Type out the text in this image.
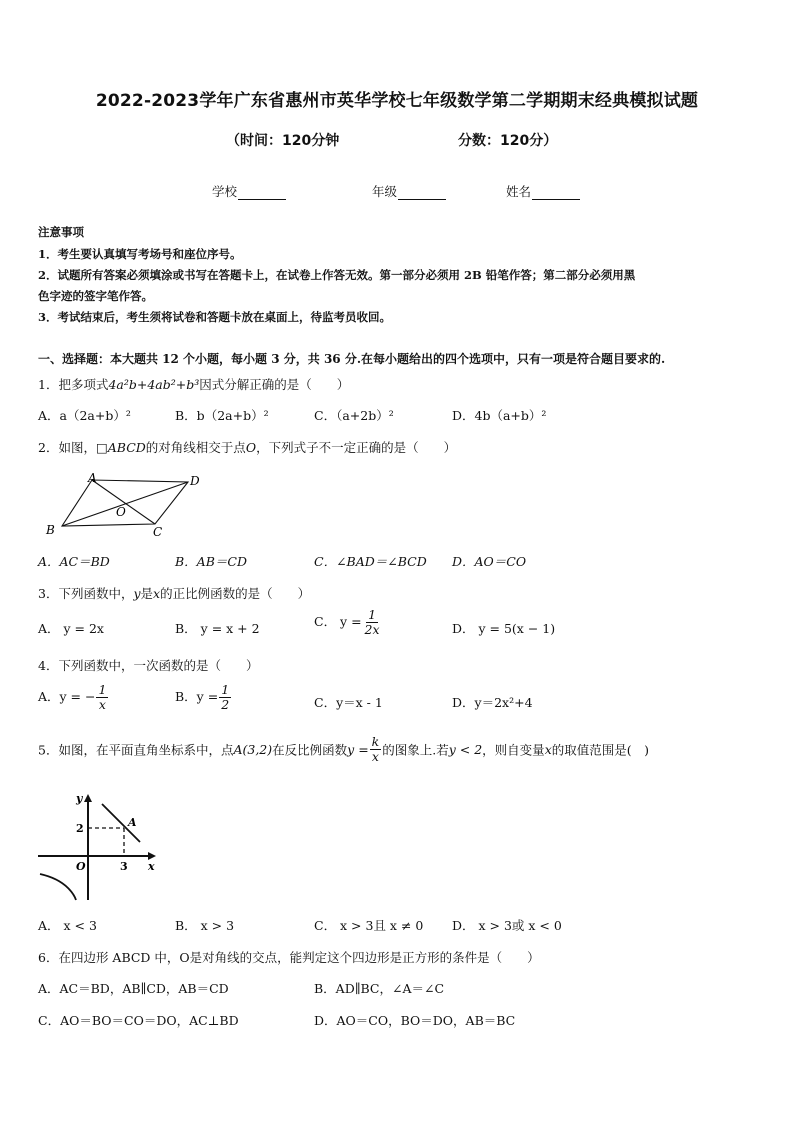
2022-2023学年广东省惠州市英华学校七年级数学第二学期期末经典模拟试题
（时间：120分钟	分数：120分）
学校	年级	姓名
注意事项
1．考生要认真填写考场号和座位序号。
2．试题所有答案必须填涂或书写在答题卡上，在试卷上作答无效。第一部分必须用 2B 铅笔作答；第二部分必须用黑
色字迹的签字笔作答。
3．考试结束后，考生须将试卷和答题卡放在桌面上，待监考员收回。
一、选择题：本大题共 12 个小题，每小题 3 分，共 36 分.在每小题给出的四个选项中，只有一项是符合题目要求的.
1．把多项式4a²b+4ab²+b³因式分解正确的是（　　）
A．a（2a+b）²	B．b（2a+b）²	C．（a+2b）²	D．4b（a+b）²
2．如图，□ABCD的对角线相交于点O，下列式子不一定正确的是（　　）
A	D
B	C
O
A．AC＝BD	B．AB＝CD	C．∠BAD＝∠BCD D．AO＝CO
3．下列函数中，y是x的正比例函数的是（　　）
A． y = 2x	B． y = x + 2	C． $y = \frac{1}{2x}$	D． y = 5(x − 1)
4．下列函数中，一次函数的是（　　）
A．y = − $\frac{1}{x}$	B．$y = \frac{1}{2}$	C．y＝x - 1	D．y＝2x²+4
5．如图，在平面直角坐标系中，点A(3,2)在反比例函数$y = \frac{k}{x}$ 的图象上.若y < 2，则自变量x的取值范围是(　)
y
x
O
2
3
A
A． x < 3	B． x > 3	C． x > 3且 x ≠ 0 D． x > 3或 x < 0
6．在四边形 ABCD 中，O是对角线的交点，能判定这个四边形是正方形的条件是（　　）
A．AC＝BD，AB∥CD，AB＝CD	B．AD∥BC，∠A＝∠C
C．AO＝BO＝CO＝DO，AC⊥BD	D．AO＝CO，BO＝DO，AB＝BC
